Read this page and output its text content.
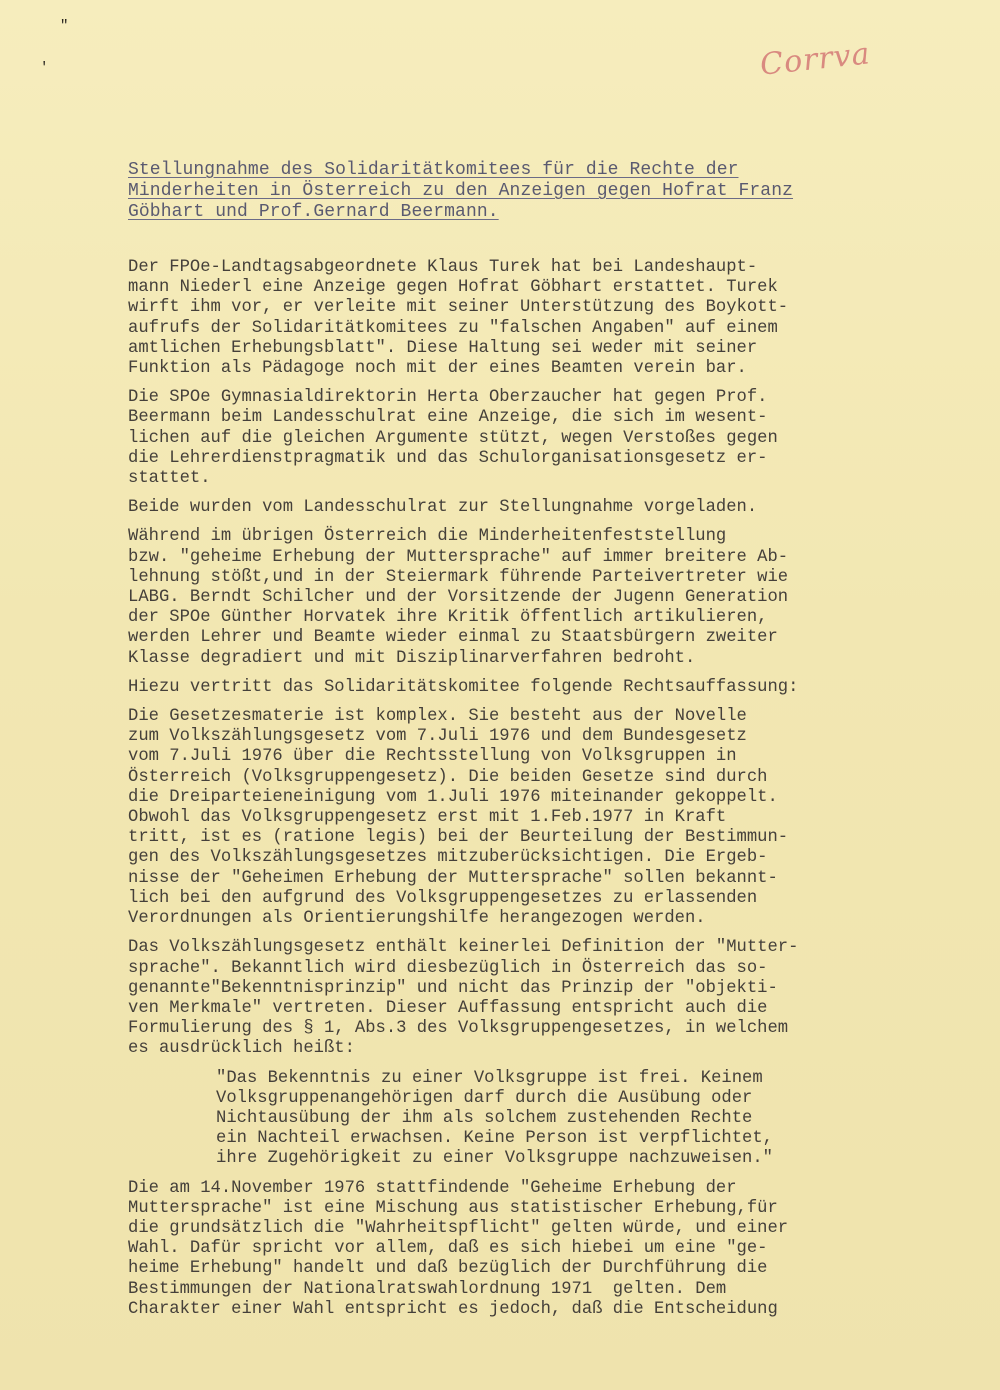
"
'	Corrva

Stellungnahme des Solidaritätkomitees für die Rechte der
Minderheiten in Österreich zu den Anzeigen gegen Hofrat Franz
Göbhart und Prof.Gernard Beermann.

Der FPOe-Landtagsabgeordnete Klaus Turek hat bei Landeshaupt-
mann Niederl eine Anzeige gegen Hofrat Göbhart erstattet. Turek
wirft ihm vor, er verleite mit seiner Unterstützung des Boykott-
aufrufs der Solidaritätkomitees zu "falschen Angaben" auf einem
amtlichen Erhebungsblatt". Diese Haltung sei weder mit seiner
Funktion als Pädagoge noch mit der eines Beamten verein bar.

Die SPOe Gymnasialdirektorin Herta Oberzaucher hat gegen Prof.
Beermann beim Landesschulrat eine Anzeige, die sich im wesent-
lichen auf die gleichen Argumente stützt, wegen Verstoßes gegen
die Lehrerdienstpragmatik und das Schulorganisationsgesetz er-
stattet.

Beide wurden vom Landesschulrat zur Stellungnahme vorgeladen.

Während im übrigen Österreich die Minderheitenfeststellung
bzw. "geheime Erhebung der Muttersprache" auf immer breitere Ab-
lehnung stößt,und in der Steiermark führende Parteivertreter wie
LABG. Berndt Schilcher und der Vorsitzende der Jugenn Generation
der SPOe Günther Horvatek ihre Kritik öffentlich artikulieren,
werden Lehrer und Beamte wieder einmal zu Staatsbürgern zweiter
Klasse degradiert und mit Disziplinarverfahren bedroht.

Hiezu vertritt das Solidaritätskomitee folgende Rechtsauffassung:

Die Gesetzesmaterie ist komplex. Sie besteht aus der Novelle
zum Volkszählungsgesetz vom 7.Juli 1976 und dem Bundesgesetz
vom 7.Juli 1976 über die Rechtsstellung von Volksgruppen in
Österreich (Volksgruppengesetz). Die beiden Gesetze sind durch
die Dreiparteieneinigung vom 1.Juli 1976 miteinander gekoppelt.
Obwohl das Volksgruppengesetz erst mit 1.Feb.1977 in Kraft
tritt, ist es (ratione legis) bei der Beurteilung der Bestimmun-
gen des Volkszählungsgesetzes mitzuberücksichtigen. Die Ergeb-
nisse der "Geheimen Erhebung der Muttersprache" sollen bekannt-
lich bei den aufgrund des Volksgruppengesetzes zu erlassenden
Verordnungen als Orientierungshilfe herangezogen werden.

Das Volkszählungsgesetz enthält keinerlei Definition der "Mutter-
sprache". Bekanntlich wird diesbezüglich in Österreich das so-
genannte"Bekenntnisprinzip" und nicht das Prinzip der "objekti-
ven Merkmale" vertreten. Dieser Auffassung entspricht auch die
Formulierung des § 1, Abs.3 des Volksgruppengesetzes, in welchem
es ausdrücklich heißt:

"Das Bekenntnis zu einer Volksgruppe ist frei. Keinem
Volksgruppenangehörigen darf durch die Ausübung oder
Nichtausübung der ihm als solchem zustehenden Rechte
ein Nachteil erwachsen. Keine Person ist verpflichtet,
ihre Zugehörigkeit zu einer Volksgruppe nachzuweisen."

Die am 14.November 1976 stattfindende "Geheime Erhebung der
Muttersprache" ist eine Mischung aus statistischer Erhebung,für
die grundsätzlich die "Wahrheitspflicht" gelten würde, und einer
Wahl. Dafür spricht vor allem, daß es sich hiebei um eine "ge-
heime Erhebung" handelt und daß bezüglich der Durchführung die
Bestimmungen der Nationalratswahlordnung 1971  gelten. Dem
Charakter einer Wahl entspricht es jedoch, daß die Entscheidung
